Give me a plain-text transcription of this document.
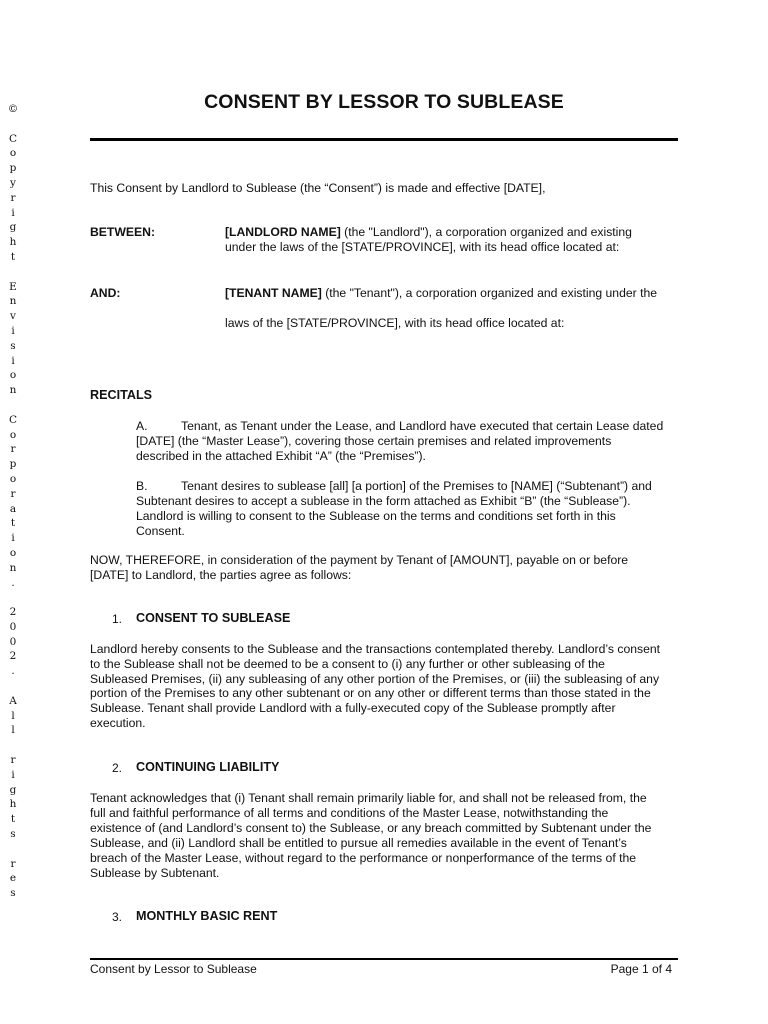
©

C
o
p
y
r
i
g
h
t

E
n
v
i
s
i
o
n

C
o
r
p
o
r
a
t
i
o
n
.

2
0
0
2
.

A
l
l

r
i
g
h
t
s

r
e
s
CONSENT BY LESSOR TO SUBLEASE
This Consent by Landlord to Sublease (the “Consent”) is made and effective [DATE],
BETWEEN:	[LANDLORD NAME] (the "Landlord"), a corporation organized and existing
under the laws of the [STATE/PROVINCE], with its head office located at:
AND:	[TENANT NAME] (the "Tenant"), a corporation organized and existing under the
laws of the [STATE/PROVINCE], with its head office located at:
RECITALS
A.	Tenant, as Tenant under the Lease, and Landlord have executed that certain Lease dated
[DATE] (the “Master Lease”), covering those certain premises and related improvements
described in the attached Exhibit “A” (the “Premises”).
B.	Tenant desires to sublease [all] [a portion] of the Premises to [NAME] (“Subtenant”) and
Subtenant desires to accept a sublease in the form attached as Exhibit “B” (the “Sublease”).
Landlord is willing to consent to the Sublease on the terms and conditions set forth in this
Consent.
NOW, THEREFORE, in consideration of the payment by Tenant of [AMOUNT], payable on or before
[DATE] to Landlord, the parties agree as follows:
1. CONSENT TO SUBLEASE
Landlord hereby consents to the Sublease and the transactions contemplated thereby. Landlord’s consent
to the Sublease shall not be deemed to be a consent to (i) any further or other subleasing of the
Subleased Premises, (ii) any subleasing of any other portion of the Premises, or (iii) the subleasing of any
portion of the Premises to any other subtenant or on any other or different terms than those stated in the
Sublease. Tenant shall provide Landlord with a fully-executed copy of the Sublease promptly after
execution.
2. CONTINUING LIABILITY
Tenant acknowledges that (i) Tenant shall remain primarily liable for, and shall not be released from, the
full and faithful performance of all terms and conditions of the Master Lease, notwithstanding the
existence of (and Landlord’s consent to) the Sublease, or any breach committed by Subtenant under the
Sublease, and (ii) Landlord shall be entitled to pursue all remedies available in the event of Tenant’s
breach of the Master Lease, without regard to the performance or nonperformance of the terms of the
Sublease by Subtenant.
3. MONTHLY BASIC RENT
Consent by Lessor to Sublease	Page 1 of 4
